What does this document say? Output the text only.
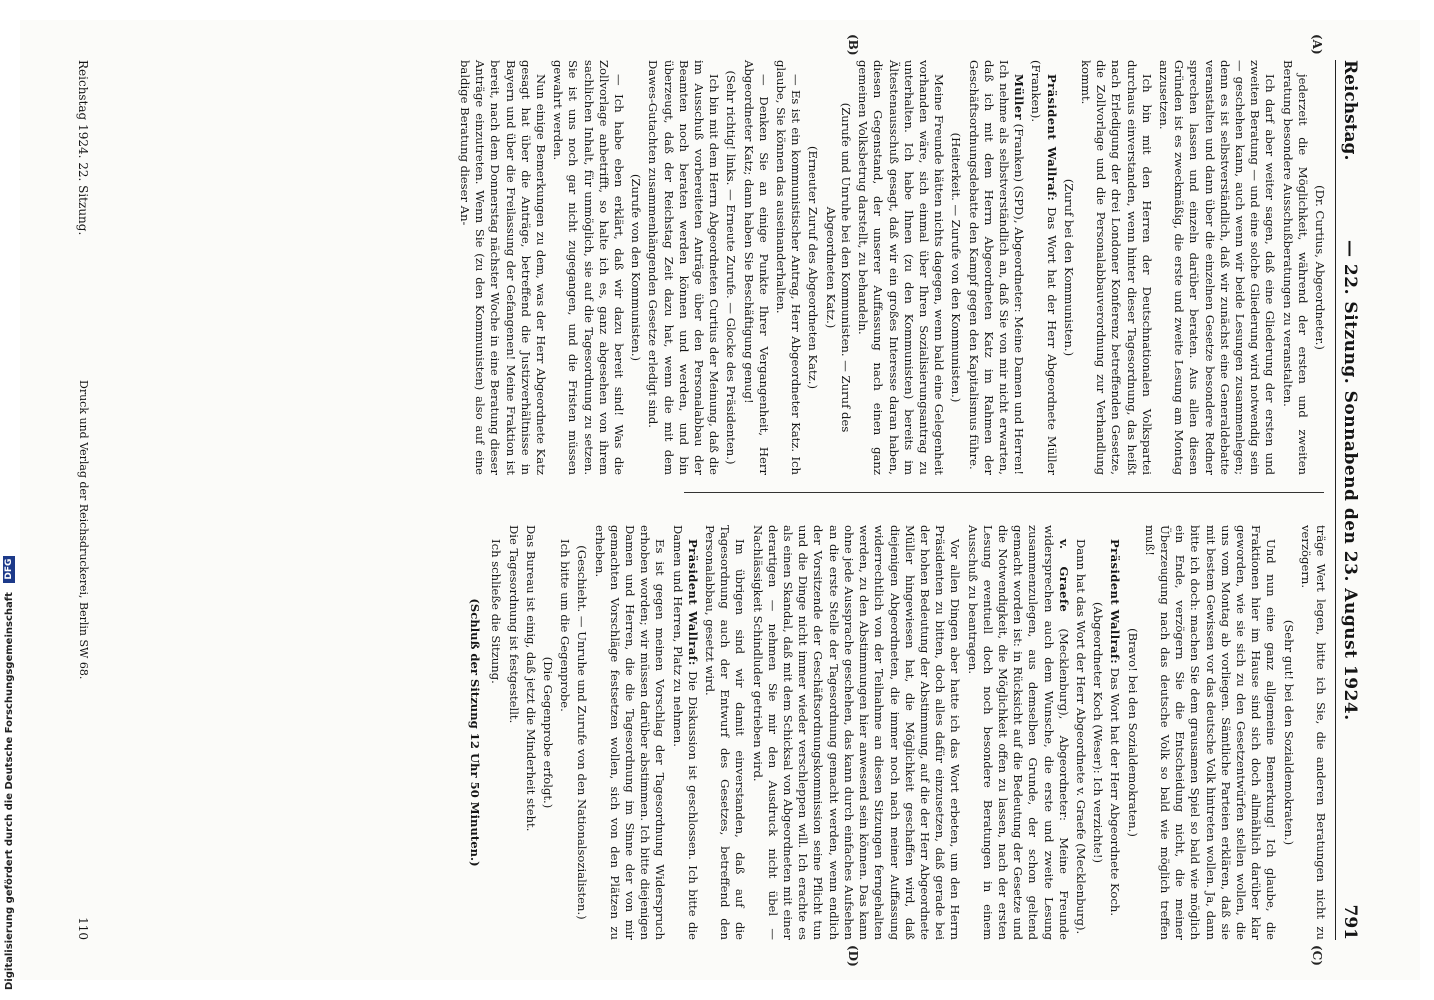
Digitalisierung gefördert durch die Deutsche Forschungsgemeinschaft DFG
Reichstag.
— 22. Sitzung. Sonnabend den 23. August 1924.
791
(A)
(B)
(C)
(D)

(Dr. Curtius, Abgeordneter.)

jederzeit die Möglichkeit, während der ersten und zweiten Beratung besondere Ausschußberatungen zu veranstalten.

Ich darf aber weiter sagen, daß eine Gliederung der ersten und zweiten Beratung — und eine solche Gliederung wird notwendig sein — geschehen kann, auch wenn wir beide Lesungen zusammenlegen; denn es ist selbstverständlich, daß wir zunächst eine Generaldebatte veranstalten und dann über die einzelnen Gesetze besondere Redner sprechen lassen und einzeln darüber beraten. Aus allen diesen Gründen ist es zweckmäßig, die erste und zweite Lesung am Montag anzusetzen.

Ich bin mit den Herren der Deutschnationalen Volkspartei durchaus einverstanden, wenn hinter dieser Tagesordnung, das heißt nach Erledigung der drei Londoner Konferenz betreffenden Gesetze, die Zollvorlage und die Personalabbauverordnung zur Verhandlung kommt.

(Zuruf bei den Kommunisten.)

Präsident Wallraf: Das Wort hat der Herr Abgeordnete Müller (Franken).

Müller (Franken) (SPD), Abgeordneter: Meine Damen und Herren! Ich nehme als selbstverständlich an, daß Sie von mir nicht erwarten, daß ich mit dem Herrn Abgeordneten Katz im Rahmen der Geschäftsordnungsdebatte den Kampf gegen den Kapitalismus führe.

(Heiterkeit. — Zurufe von den Kommunisten.)

Meine Freunde hätten nichts dagegen, wenn bald eine Gelegenheit vorhanden wäre, sich einmal über Ihren Sozialisierungsantrag zu unterhalten. Ich habe Ihnen (zu den Kommunisten) bereits im Ältestenausschuß gesagt, daß wir ein großes Interesse daran haben, diesen Gegenstand, der unserer Auffassung nach einen ganz gemeinen Volksbetrug darstellt, zu behandeln.

(Zurufe und Unruhe bei den Kommunisten. — Zuruf des Abgeordneten Katz.)

(Erneuter Zuruf des Abgeordneten Katz.)

— Es ist ein kommunistischer Antrag, Herr Abgeordneter Katz. Ich glaube, Sie können das auseinanderhalten.

— Denken Sie an einige Punkte Ihrer Vergangenheit, Herr Abgeordneter Katz; dann haben Sie Beschäftigung genug!

(Sehr richtig! links. — Erneute Zurufe. — Glocke des Präsidenten.)

Ich bin mit dem Herrn Abgeordneten Curtius der Meinung, daß die im Ausschuß vorbereiteten Anträge über den Personalabbau der Beamten noch beraten werden können und werden, und bin überzeugt, daß der Reichstag Zeit dazu hat, wenn die mit dem Dawes-Gutachten zusammenhängenden Gesetze erledigt sind.

(Zurufe von den Kommunisten.)

— Ich habe eben erklärt, daß wir dazu bereit sind! Was die Zollvorlage anbetrifft, so halte ich es, ganz abgesehen von ihrem sachlichen Inhalt, für unmöglich, sie auf die Tagesordnung zu setzen. Sie ist uns noch gar nicht zugegangen, und die Fristen müssen gewahrt werden.

Nun einige Bemerkungen zu dem, was der Herr Abgeordnete Katz gesagt hat über die Anträge, betreffend die Justizverhältnisse in Bayern und über die Freilassung der Gefangenen! Meine Fraktion ist bereit, nach dem Donnerstag nächster Woche in eine Beratung dieser Anträge einzutreten. Wenn Sie (zu den Kommunisten) also auf eine baldige Beratung dieser An-

träge Wert legen, bitte ich Sie, die anderen Beratungen nicht zu verzögern.

(Sehr gut! bei den Sozialdemokraten.)

Und nun eine ganz allgemeine Bemerkung! Ich glaube, die Fraktionen hier im Hause sind sich doch allmählich darüber klar geworden, wie sie sich zu den Gesetzentwürfen stellen wollen, die uns vom Montag ab vorliegen. Sämtliche Parteien erklären, daß sie mit bestem Gewissen vor das deutsche Volk hintreten wollen. Ja, dann bitte ich doch: machen Sie dem grausamen Spiel so bald wie möglich ein Ende, verzögern Sie die Entscheidung nicht, die meiner Überzeugung nach das deutsche Volk so bald wie möglich treffen muß!

(Bravo! bei den Sozialdemokraten.)

Präsident Wallraf: Das Wort hat der Herr Abgeordnete Koch.

(Abgeordneter Koch (Weser): Ich verzichte!)

Dann hat das Wort der Herr Abgeordnete v. Graefe (Mecklenburg).

v. Graefe (Mecklenburg), Abgeordneter: Meine Freunde widersprechen auch dem Wunsche, die erste und zweite Lesung zusammenzulegen, aus demselben Grunde, der schon geltend gemacht worden ist: in Rücksicht auf die Bedeutung der Gesetze und die Notwendigkeit, die Möglichkeit offen zu lassen, nach der ersten Lesung eventuell doch noch besondere Beratungen in einem Ausschuß zu beantragen.

Vor allen Dingen aber hatte ich das Wort erbeten, um den Herrn Präsidenten zu bitten, doch alles dafür einzusetzen, daß gerade bei der hohen Bedeutung der Abstimmung, auf die der Herr Abgeordnete Müller hingewiesen hat, die Möglichkeit geschaffen wird, daß diejenigen Abgeordneten, die immer noch nach meiner Auffassung widerrechtlich von der Teilnahme an diesen Sitzungen ferngehalten werden, zu den Abstimmungen hier anwesend sein können. Das kann ohne jede Aussprache geschehen, das kann durch einfaches Aufsehen an die erste Stelle der Tagesordnung gemacht werden, wenn endlich der Vorsitzende der Geschäftsordnungskommission seine Pflicht tun und die Dinge nicht immer wieder verschleppen will. Ich erachte es als einen Skandal, daß mit dem Schicksal von Abgeordneten mit einer derartigen — nehmen Sie mir den Ausdruck nicht übel — Nachlässigkeit Schindluder getrieben wird.

Im übrigen sind wir damit einverstanden, daß auf die Tagesordnung auch der Entwurf des Gesetzes, betreffend den Personalabbau, gesetzt wird.

Präsident Wallraf: Die Diskussion ist geschlossen. Ich bitte die Damen und Herren, Platz zu nehmen.

Es ist gegen meinen Vorschlag der Tagesordnung Widerspruch erhoben worden; wir müssen darüber abstimmen. Ich bitte diejenigen Damen und Herren, die die Tagesordnung im Sinne der von mir gemachten Vorschläge festsetzen wollen, sich von den Plätzen zu erheben.

(Geschieht. — Unruhe und Zurufe von den Nationalsozialisten.)

Ich bitte um die Gegenprobe.

(Die Gegenprobe erfolgt.)

Das Bureau ist einig, daß jetzt die Minderheit steht.

Die Tagesordnung ist festgestellt.

Ich schließe die Sitzung.

(Schluß der Sitzung 12 Uhr 50 Minuten.)

Reichstag 1924. 22. Sitzung.
Druck und Verlag der Reichsdruckerei, Berlin SW 68.
110
